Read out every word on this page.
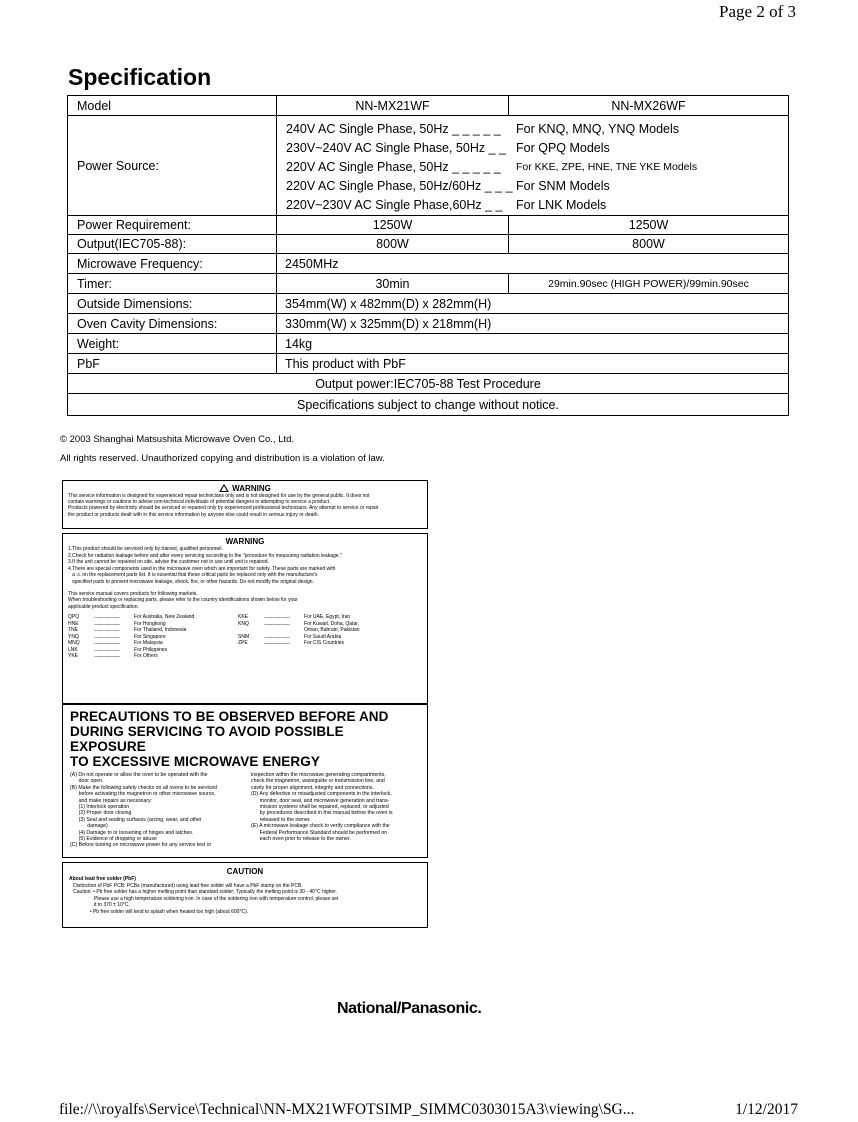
Page 2 of 3
Specification
Model	NN-MX21WF	NN-MX26WF
Power Source:
240V AC Single Phase, 50Hz _ _ _ _ _	For KNQ, MNQ, YNQ Models
230V~240V AC Single Phase, 50Hz _ _ For QPQ Models
220V AC Single Phase, 50Hz _ _ _ _ _	For KKE, ZPE, HNE, TNE YKE Models
220V AC Single Phase, 50Hz/60Hz _ _ _ For SNM Models
220V~230V AC Single Phase,60Hz _ _	For LNK Models
Power Requirement:	1250W	1250W
Output(IEC705-88):	800W	800W
Microwave Frequency:	2450MHz
Timer:	30min	29min.90sec (HIGH POWER)/99min.90sec
Outside Dimensions:	354mm(W) x 482mm(D) x 282mm(H)
Oven Cavity Dimensions:	330mm(W) x 325mm(D) x 218mm(H)
Weight:	14kg
PbF	This product with PbF
Output power:IEC705-88 Test Procedure
Specifications subject to change without notice.
© 2003 Shanghai Matsushita Microwave Oven Co., Ltd.
All rights reserved. Unauthorized copying and distribution is a violation of law.
WARNING
This service information is designed for experienced repair technicians only and is not designed for use by the general public. It does not
contain warnings or cautions to advise non-technical individuals of potential dangers in attempting to service a product.
Products powered by electricity should be serviced or repaired only by experienced professional technicians. Any attempt to service or repair
the product or products dealt with in this service information by anyone else could result in serious injury or death.
WARNING
1.This product should be serviced only by trained, qualified personnel.
2.Check for radiation leakage before and after every servicing according to the "procedure for measuring radiation leakage."
3.If the unit cannot be repaired on site, advise the customer not to use until unit is repaired.
4.There are special components used in the microwave oven which are important for safety. These parts are marked with
a ⚠ on the replacement parts list. It is essential that these critical parts be replaced only with the manufacture's
specified parts to prevent microwave leakage, shock, fire, or other hazards. Do not modify the original design.
This service manual covers products for following markets.
When troubleshooting or replacing parts, please refer to the country identifications shown below for your
applicable product specification.
QPQ	.............................	For Australia, New Zealand
HNE	.............................	For Hongkong
TNE	.............................	For Thailand, Indonesia
YNQ	.............................	For Singapore
MNQ	.............................	For Malaysia
LNK	.............................	For Philippines
YKE	.............................	For Others
KKE	.............................	For UAE, Egypt, Iran
KNQ	.............................	For Kuwait, Doha, Qatar,
Oman, Bahrain, Pakistan
SNM	.............................	For Saudi Arabia
ZPE	.............................	For CIS Countries
PRECAUTIONS TO BE OBSERVED BEFORE AND
DURING SERVICING TO AVOID POSSIBLE EXPOSURE
TO EXCESSIVE MICROWAVE ENERGY
(A) Do not operate or allow the oven to be operated with the
door open.
(B) Make the following safety checks on all ovens to be serviced
before activating the magnetron or other microwave source,
and make repairs as necessary:
(1) Interlock operation
(2) Proper door closing
(3) Seal and sealing surfaces (arcing, wear, and other
damage)
(4) Damage to or loosening of hinges and latches.
(5) Evidence of dropping or abuse
(C) Before turning on microwave power for any service test or
inspection within the microwave generating compartments,
check the magnetron, waveguide or transmission line, and
cavity for proper alignment, integrity and connections.
(D) Any defective or misadjusted components in the interlock,
monitor, door seal, and microwave generation and trans-
mission systems shall be repaired, replaced, or adjusted
by procedures described in this manual before the oven is
released to the owner.
(E) A microwave leakage check to verify compliance with the
Federal Performance Standard should be performed on
each oven prior to release to the owner.
CAUTION
About lead free solder (PbF)
Distinction of PbF PCB: PCBs (manufactured) using lead free solder will have a PbF stamp on the PCB.
Caution: • Pb free solder has a higher melting point than standard solder; Typically the melting point is 30 - 40°C higher.
Please use a high temperature soldering iron. In case of the soldering iron with temperature control, please set
it to 370 ± 10°C.
• Pb free solder will tend to splash when heated too high (about 600°C).
National/Panasonic.
file://\\royalfs\Service\Technical\NN-MX21WFOTSIMP_SIMMC0303015A3\viewing\SG...	1/12/2017
